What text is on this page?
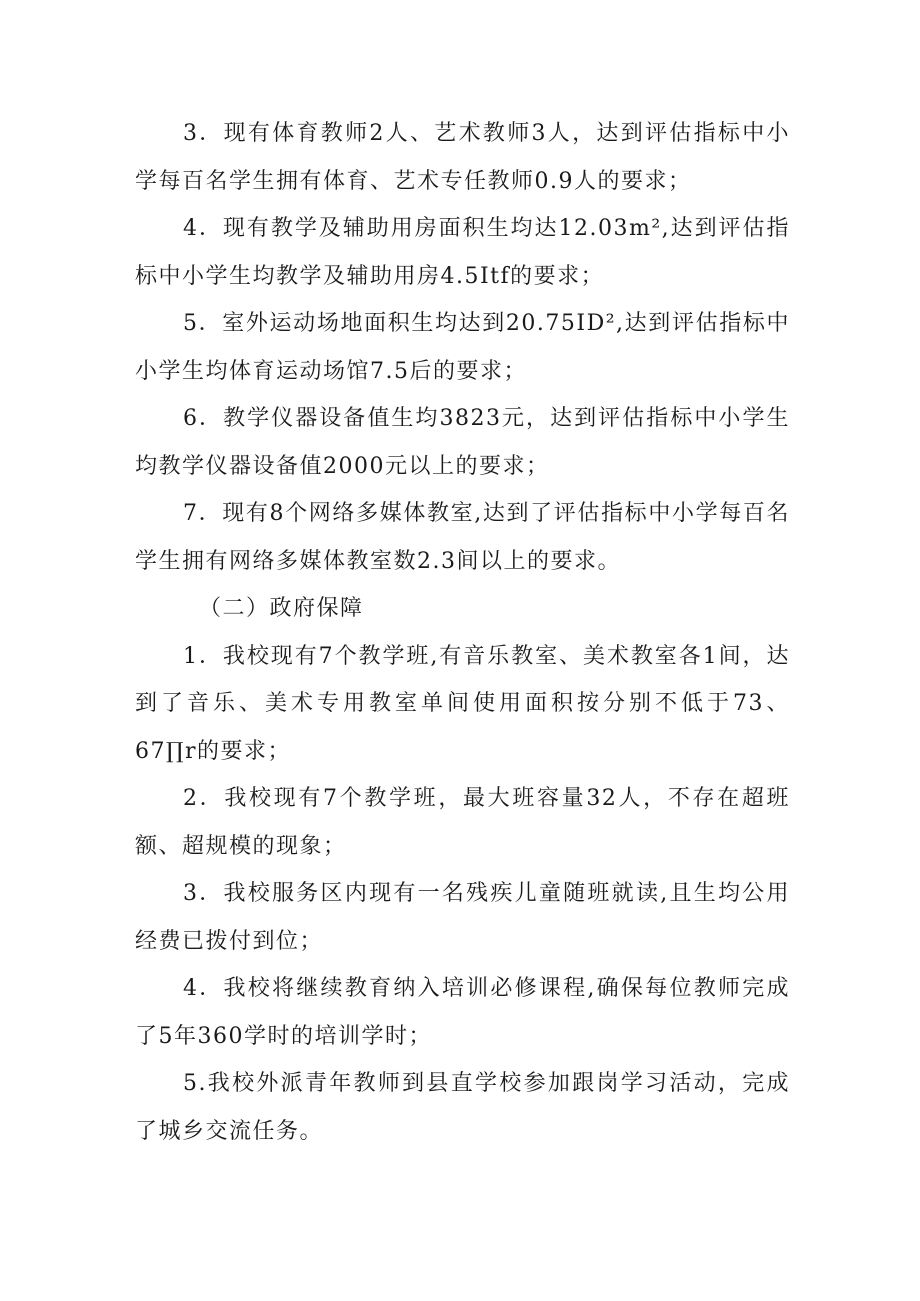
3．现有体育教师2人、艺术教师3人，达到评估指标中小学每百名学生拥有体育、艺术专任教师0.9人的要求；

4．现有教学及辅助用房面积生均达12.03m²,达到评估指标中小学生均教学及辅助用房4.5Itf的要求；

5．室外运动场地面积生均达到20.75ID²,达到评估指标中小学生均体育运动场馆7.5后的要求；

6．教学仪器设备值生均3823元，达到评估指标中小学生均教学仪器设备值2000元以上的要求；

7．现有8个网络多媒体教室,达到了评估指标中小学每百名学生拥有网络多媒体教室数2.3间以上的要求。

（二）政府保障

1．我校现有7个教学班,有音乐教室、美术教室各1间，达到了音乐、美术专用教室单间使用面积按分别不低于73、67∏r的要求；

2．我校现有7个教学班，最大班容量32人，不存在超班额、超规模的现象；

3．我校服务区内现有一名残疾儿童随班就读,且生均公用经费已拨付到位；

4．我校将继续教育纳入培训必修课程,确保每位教师完成了5年360学时的培训学时；

5.我校外派青年教师到县直学校参加跟岗学习活动，完成了城乡交流任务。
